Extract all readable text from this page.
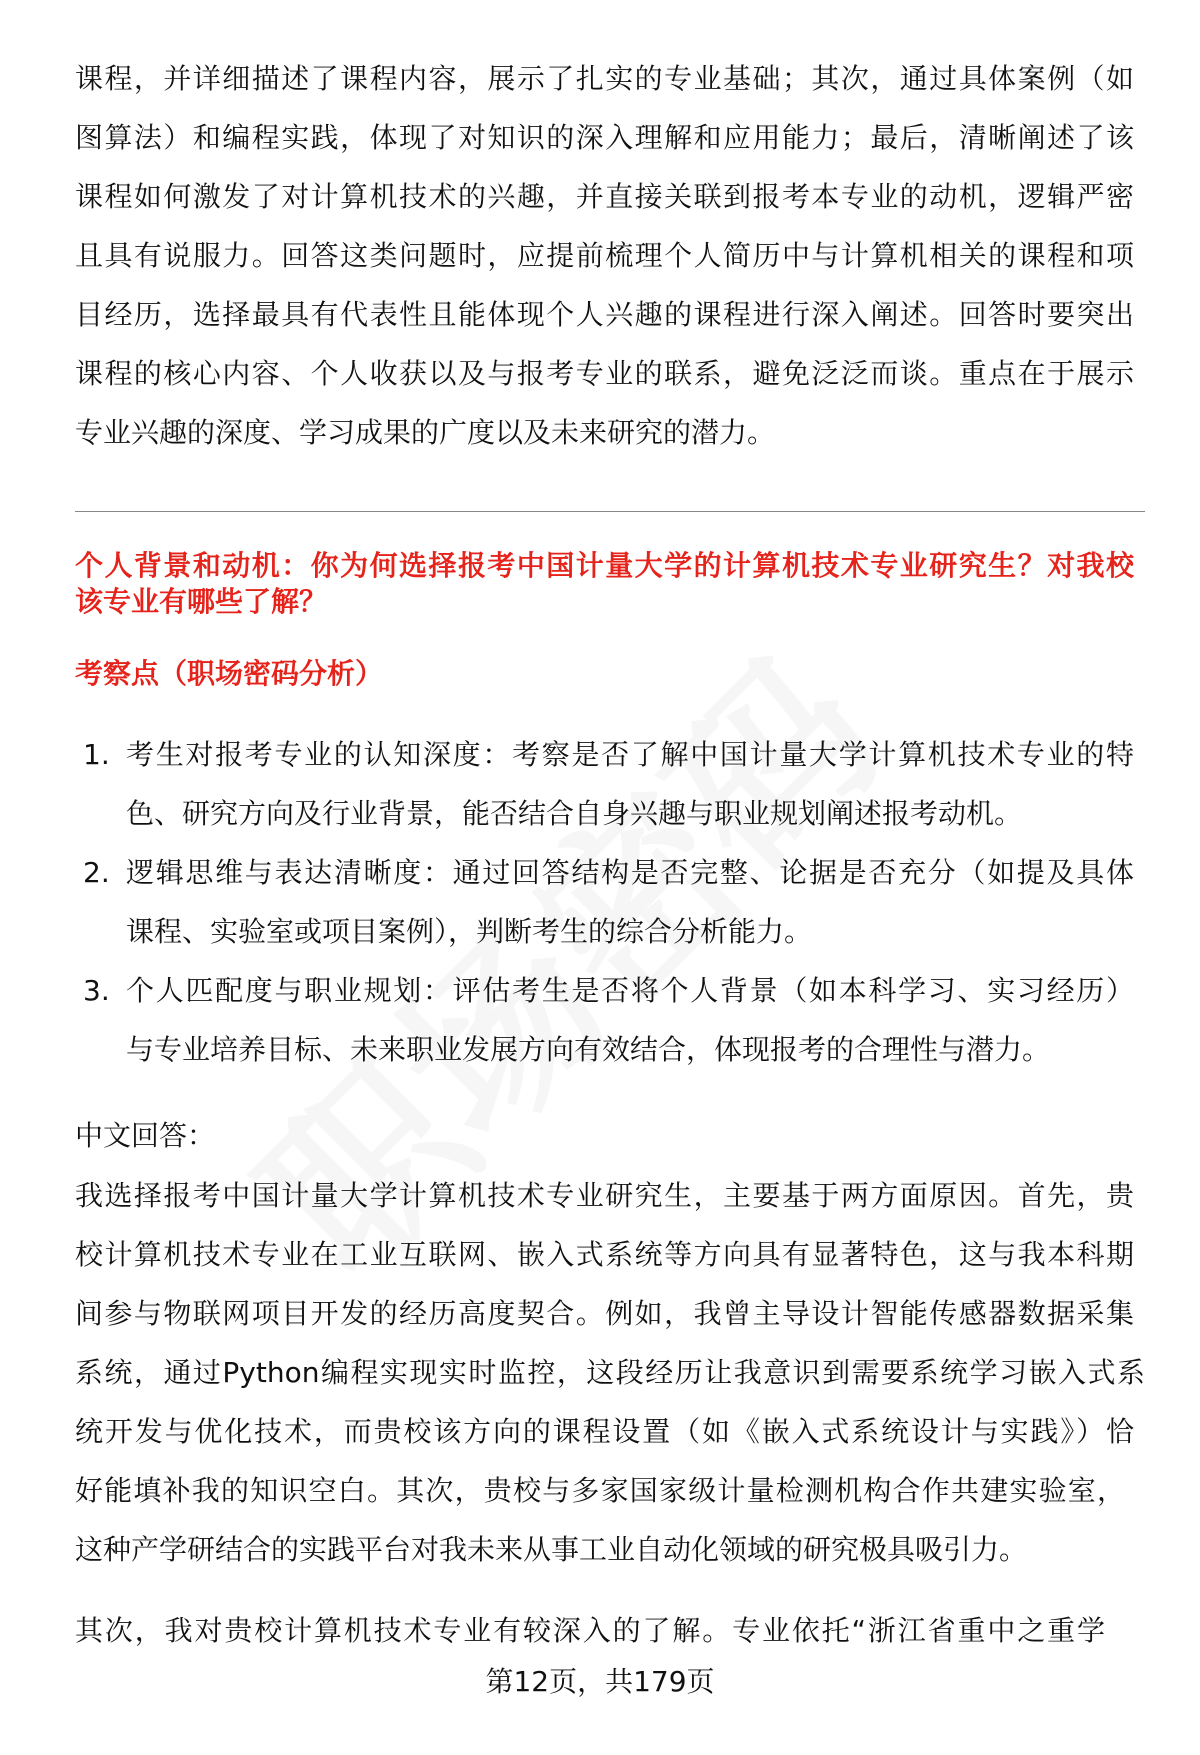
课程，并详细描述了课程内容，展示了扎实的专业基础；其次，通过具体案例（如
图算法）和编程实践，体现了对知识的深入理解和应用能力；最后，清晰阐述了该
课程如何激发了对计算机技术的兴趣，并直接关联到报考本专业的动机，逻辑严密
且具有说服力。回答这类问题时，应提前梳理个人简历中与计算机相关的课程和项
目经历，选择最具有代表性且能体现个人兴趣的课程进行深入阐述。回答时要突出
课程的核心内容、个人收获以及与报考专业的联系，避免泛泛而谈。重点在于展示
专业兴趣的深度、学习成果的广度以及未来研究的潜力。
个人背景和动机：你为何选择报考中国计量大学的计算机技术专业研究生？对我校
该专业有哪些了解？
考察点（职场密码分析）
1. 考生对报考专业的认知深度：考察是否了解中国计量大学计算机技术专业的特
色、研究方向及行业背景，能否结合自身兴趣与职业规划阐述报考动机。
2. 逻辑思维与表达清晰度：通过回答结构是否完整、论据是否充分（如提及具体
课程、实验室或项目案例），判断考生的综合分析能力。
3. 个人匹配度与职业规划：评估考生是否将个人背景（如本科学习、实习经历）
与专业培养目标、未来职业发展方向有效结合，体现报考的合理性与潜力。
中文回答：
我选择报考中国计量大学计算机技术专业研究生，主要基于两方面原因。首先，贵
校计算机技术专业在工业互联网、嵌入式系统等方向具有显著特色，这与我本科期
间参与物联网项目开发的经历高度契合。例如，我曾主导设计智能传感器数据采集
系统，通过Python编程实现实时监控，这段经历让我意识到需要系统学习嵌入式系
统开发与优化技术，而贵校该方向的课程设置（如《嵌入式系统设计与实践》）恰
好能填补我的知识空白。其次，贵校与多家国家级计量检测机构合作共建实验室，
这种产学研结合的实践平台对我未来从事工业自动化领域的研究极具吸引力。
其次，我对贵校计算机技术专业有较深入的了解。专业依托“浙江省重中之重学
第12页，共179页
